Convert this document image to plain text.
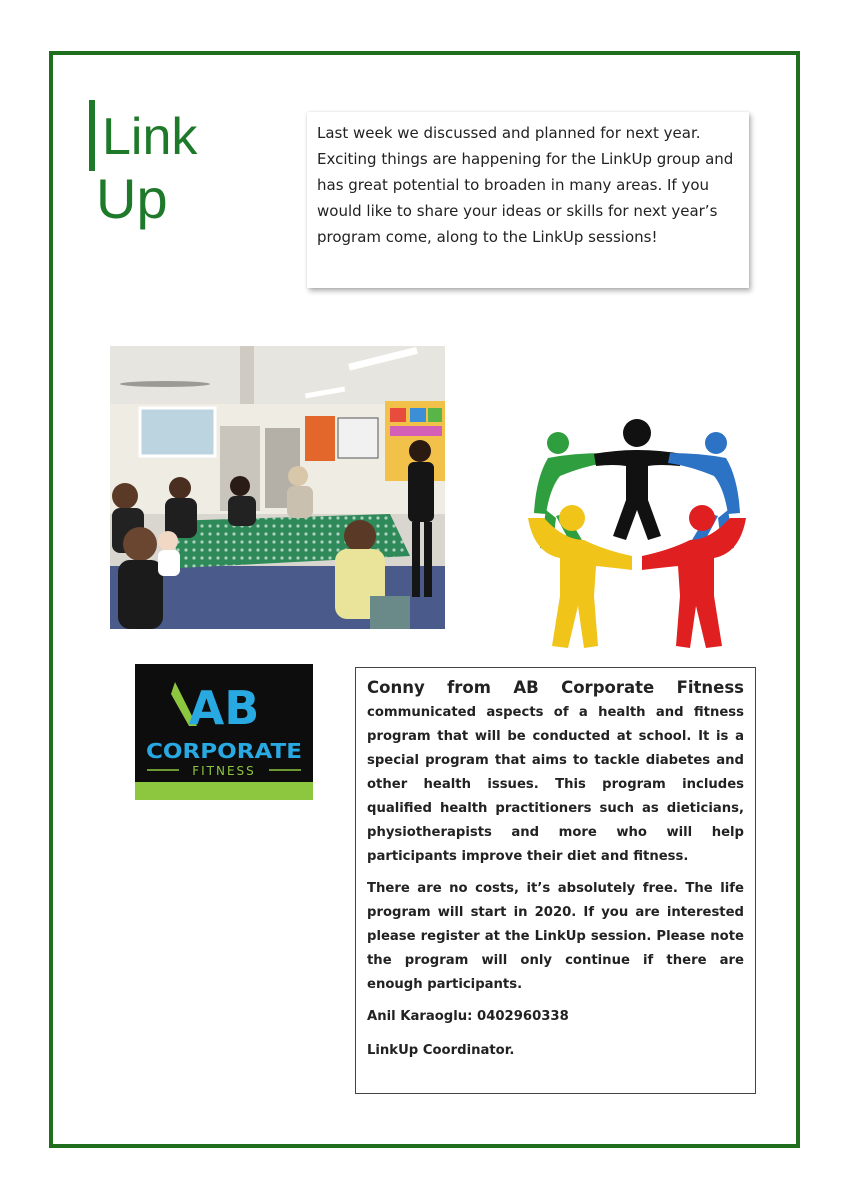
Link
Up
Last week we discussed and planned for next year. Exciting things are happening for the LinkUp group and has great potential to broaden in many areas. If you would like to share your ideas or skills for next year’s program come, along to the LinkUp sessions!
AB
CORPORATE
FITNESS
Conny from AB Corporate Fitness

communicated aspects of a health and fitness program that will be conducted at school. It is a special program that aims to tackle diabetes and other health issues. This program includes qualified health practitioners such as dieticians, physiotherapists and more who will help participants improve their diet and fitness.

There are no costs, it’s absolutely free. The life program will start in 2020. If you are interested please register at the LinkUp session. Please note the program will only continue if there are enough participants.

Anil Karaoglu: 0402960338

LinkUp Coordinator.
